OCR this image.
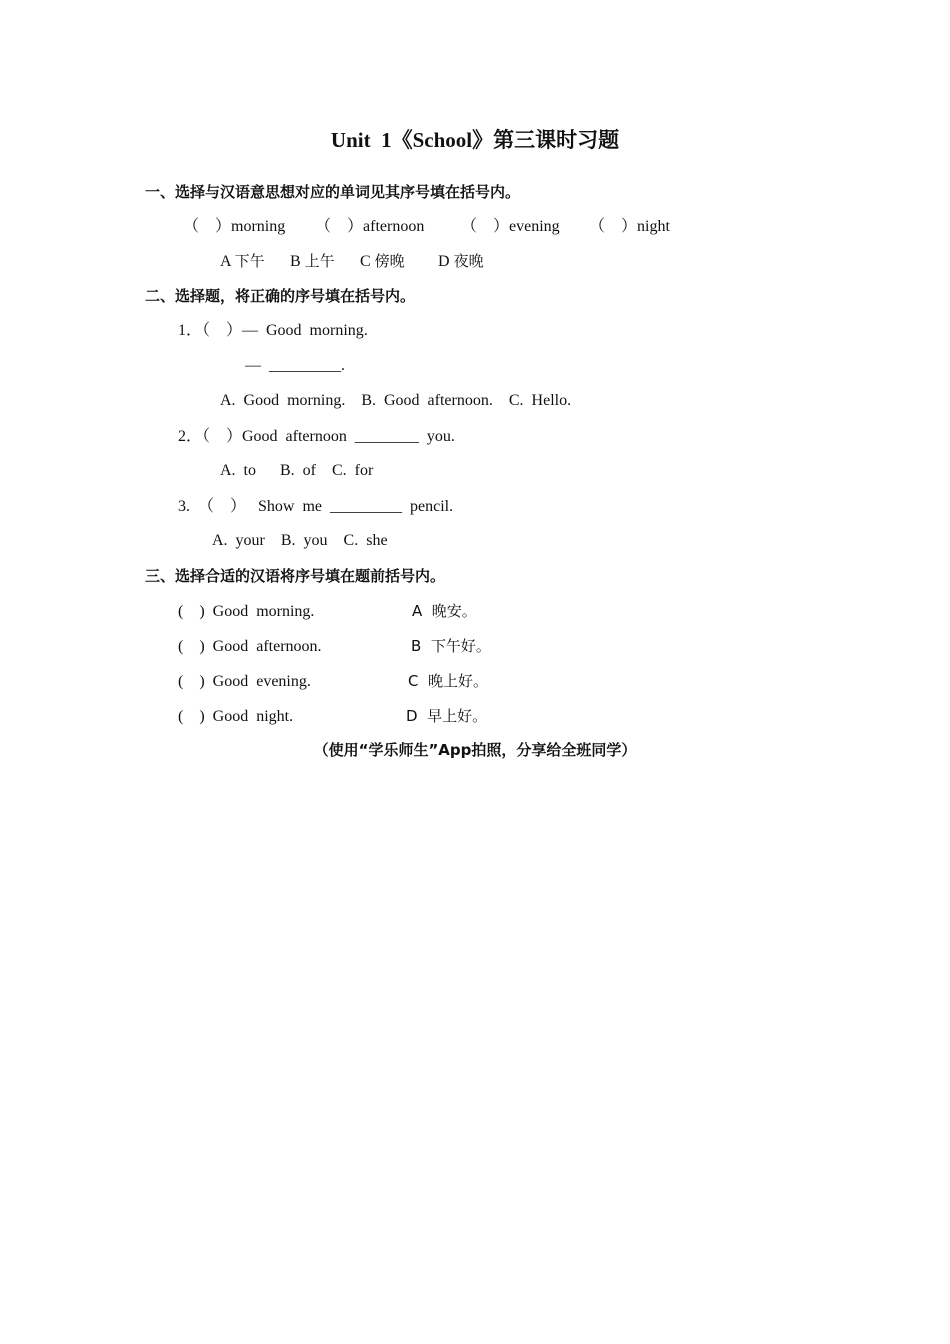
Unit  1《School》第三课时习题
一、选择与汉语意思想对应的单词见其序号填在括号内。
（    ）morning （    ）afternoon （    ）evening （    ）night
A 下午 B 上午 C 傍晚 D 夜晚
二、选择题，将正确的序号填在括号内。
1．（    ）—  Good  morning.
—  _________.
A.  Good  morning.    B.  Good  afternoon.    C.  Hello.
2．（    ）Good  afternoon  ________  you.
A.  to      B.  of    C.  for
3.  （    ）   Show  me  _________  pencil.
A.  your    B.  you    C.  she
三、选择合适的汉语将序号填在题前括号内。
(    )  Good  morning.	A  晚安。
(    )  Good  afternoon.	B  下午好。
(    )  Good  evening.	C  晚上好。
(    )  Good  night.	D  早上好。
（使用“学乐师生”App拍照，分享给全班同学）
